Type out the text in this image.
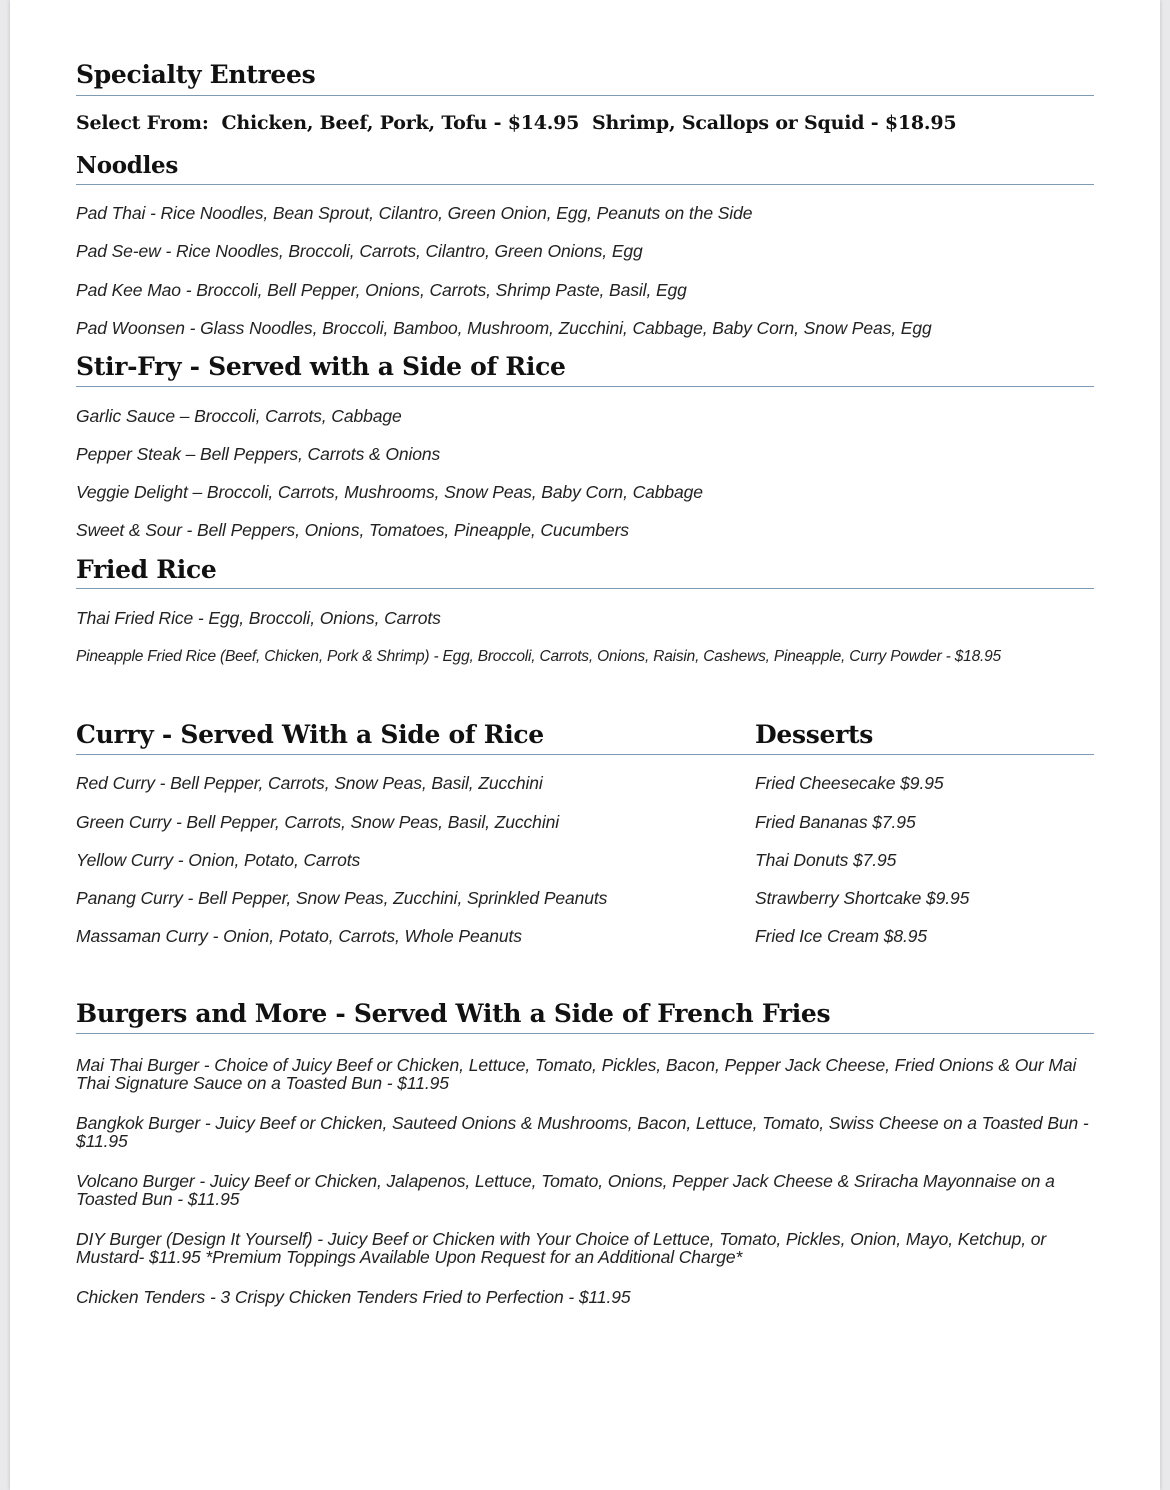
Specialty Entrees
Select From:  Chicken, Beef, Pork, Tofu - $14.95  Shrimp, Scallops or Squid - $18.95
Noodles
Pad Thai - Rice Noodles, Bean Sprout, Cilantro, Green Onion, Egg, Peanuts on the Side
Pad Se-ew - Rice Noodles, Broccoli, Carrots, Cilantro, Green Onions, Egg
Pad Kee Mao - Broccoli, Bell Pepper, Onions, Carrots, Shrimp Paste, Basil, Egg
Pad Woonsen - Glass Noodles, Broccoli, Bamboo, Mushroom, Zucchini, Cabbage, Baby Corn, Snow Peas, Egg
Stir-Fry - Served with a Side of Rice
Garlic Sauce – Broccoli, Carrots, Cabbage
Pepper Steak – Bell Peppers, Carrots & Onions
Veggie Delight – Broccoli, Carrots, Mushrooms, Snow Peas, Baby Corn, Cabbage
Sweet & Sour - Bell Peppers, Onions, Tomatoes, Pineapple, Cucumbers
Fried Rice
Thai Fried Rice - Egg, Broccoli, Onions, Carrots
Pineapple Fried Rice (Beef, Chicken, Pork & Shrimp) - Egg, Broccoli, Carrots, Onions, Raisin, Cashews, Pineapple, Curry Powder - $18.95
Curry - Served With a Side of Rice
Red Curry - Bell Pepper, Carrots, Snow Peas, Basil, Zucchini
Green Curry - Bell Pepper, Carrots, Snow Peas, Basil, Zucchini
Yellow Curry - Onion, Potato, Carrots
Panang Curry - Bell Pepper, Snow Peas, Zucchini, Sprinkled Peanuts
Massaman Curry - Onion, Potato, Carrots, Whole Peanuts
Desserts
Fried Cheesecake $9.95
Fried Bananas $7.95
Thai Donuts $7.95
Strawberry Shortcake $9.95
Fried Ice Cream $8.95
Burgers and More - Served With a Side of French Fries
Mai Thai Burger - Choice of Juicy Beef or Chicken, Lettuce, Tomato, Pickles, Bacon, Pepper Jack Cheese, Fried Onions & Our Mai Thai Signature Sauce on a Toasted Bun - $11.95
Bangkok Burger - Juicy Beef or Chicken, Sauteed Onions & Mushrooms, Bacon, Lettuce, Tomato, Swiss Cheese on a Toasted Bun - $11.95
Volcano Burger - Juicy Beef or Chicken, Jalapenos, Lettuce, Tomato, Onions, Pepper Jack Cheese & Sriracha Mayonnaise on a Toasted Bun - $11.95
DIY Burger (Design It Yourself) - Juicy Beef or Chicken with Your Choice of Lettuce, Tomato, Pickles, Onion, Mayo, Ketchup, or Mustard- $11.95 *Premium Toppings Available Upon Request for an Additional Charge*
Chicken Tenders - 3 Crispy Chicken Tenders Fried to Perfection - $11.95
